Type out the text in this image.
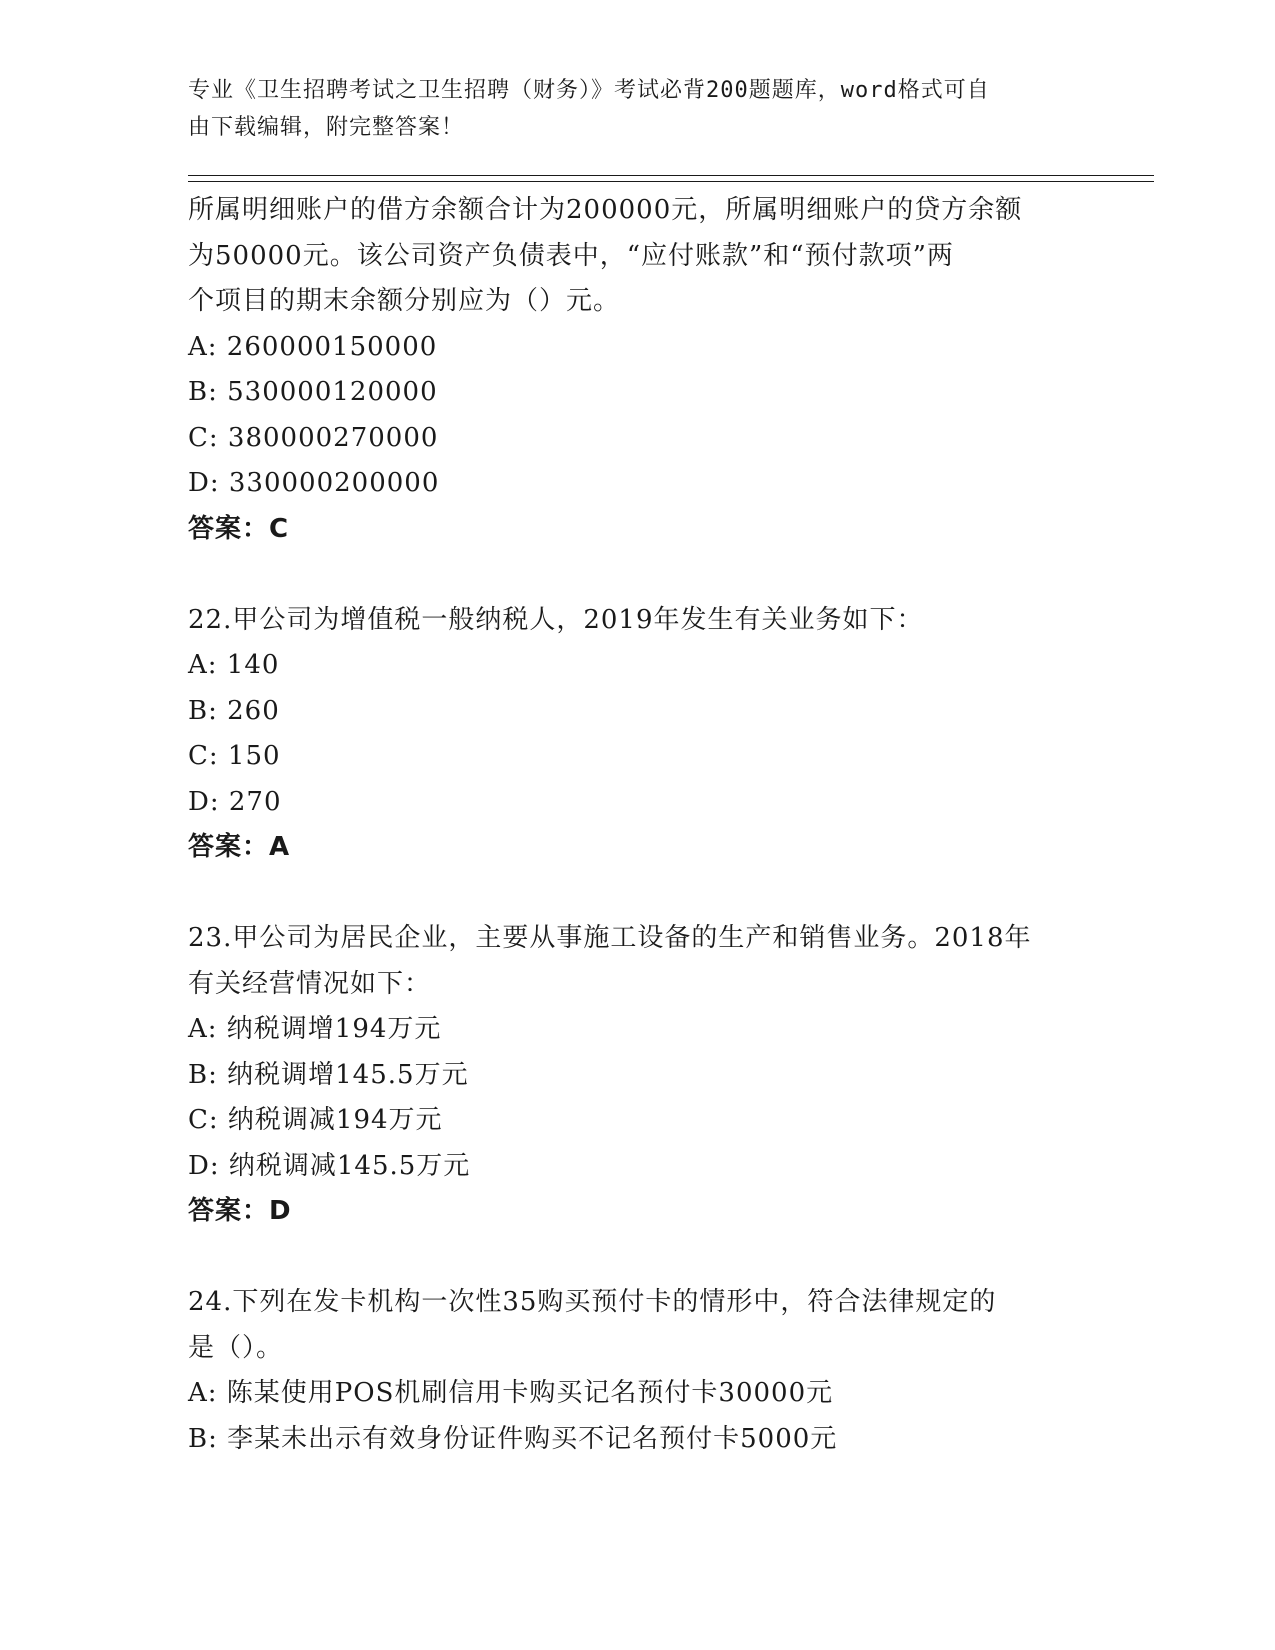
专业《卫生招聘考试之卫生招聘（财务）》考试必背200题题库，word格式可自
由下载编辑，附完整答案！
所属明细账户的借方余额合计为200000元，所属明细账户的贷方余额
为50000元。该公司资产负债表中，“应付账款”和“预付款项”两
个项目的期末余额分别应为（）元。
A: 260000150000
B: 530000120000
C: 380000270000
D: 330000200000
答案：C
22.甲公司为增值税一般纳税人，2019年发生有关业务如下：
A: 140
B: 260
C: 150
D: 270
答案：A
23.甲公司为居民企业，主要从事施工设备的生产和销售业务。2018年
有关经营情况如下：
A: 纳税调增194万元
B: 纳税调增145.5万元
C: 纳税调减194万元
D: 纳税调减145.5万元
答案：D
24.下列在发卡机构一次性35购买预付卡的情形中，符合法律规定的
是（）。
A: 陈某使用POS机刷信用卡购买记名预付卡30000元
B: 李某未出示有效身份证件购买不记名预付卡5000元
